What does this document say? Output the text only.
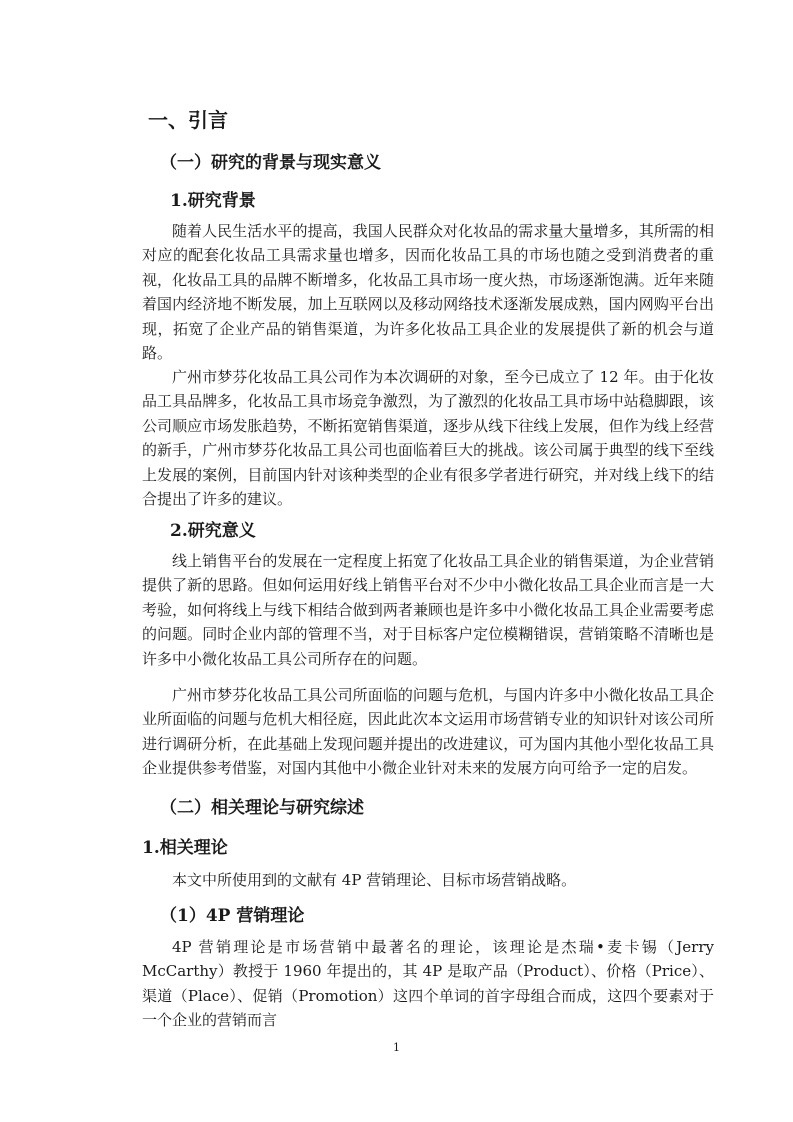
一、引言
（一）研究的背景与现实意义
1.研究背景

随着人民生活水平的提高，我国人民群众对化妆品的需求量大量增多，其所需的相对应的配套化妆品工具需求量也增多，因而化妆品工具的市场也随之受到消费者的重视，化妆品工具的品牌不断增多，化妆品工具市场一度火热，市场逐渐饱满。近年来随着国内经济地不断发展，加上互联网以及移动网络技术逐渐发展成熟，国内网购平台出现，拓宽了企业产品的销售渠道，为许多化妆品工具企业的发展提供了新的机会与道路。

广州市梦芬化妆品工具公司作为本次调研的对象，至今已成立了 12 年。由于化妆品工具品牌多，化妆品工具市场竞争激烈，为了激烈的化妆品工具市场中站稳脚跟，该公司顺应市场发胀趋势，不断拓宽销售渠道，逐步从线下往线上发展，但作为线上经营的新手，广州市梦芬化妆品工具公司也面临着巨大的挑战。该公司属于典型的线下至线上发展的案例，目前国内针对该种类型的企业有很多学者进行研究，并对线上线下的结合提出了许多的建议。

2.研究意义

线上销售平台的发展在一定程度上拓宽了化妆品工具企业的销售渠道，为企业营销提供了新的思路。但如何运用好线上销售平台对不少中小微化妆品工具企业而言是一大考验，如何将线上与线下相结合做到两者兼顾也是许多中小微化妆品工具企业需要考虑的问题。同时企业内部的管理不当，对于目标客户定位模糊错误，营销策略不清晰也是许多中小微化妆品工具公司所存在的问题。

广州市梦芬化妆品工具公司所面临的问题与危机，与国内许多中小微化妆品工具企业所面临的问题与危机大相径庭，因此此次本文运用市场营销专业的知识针对该公司所进行调研分析，在此基础上发现问题并提出的改进建议，可为国内其他小型化妆品工具企业提供参考借鉴，对国内其他中小微企业针对未来的发展方向可给予一定的启发。

（二）相关理论与研究综述
1.相关理论

本文中所使用到的文献有 4P 营销理论、目标市场营销战略。

（1）4P 营销理论

4P 营销理论是市场营销中最著名的理论，该理论是杰瑞•麦卡锡（Jerry McCarthy）教授于 1960 年提出的，其 4P 是取产品（Product）、价格（Price）、渠道（Place）、促销（Promotion）这四个单词的首字母组合而成，这四个要素对于一个企业的营销而言

1
